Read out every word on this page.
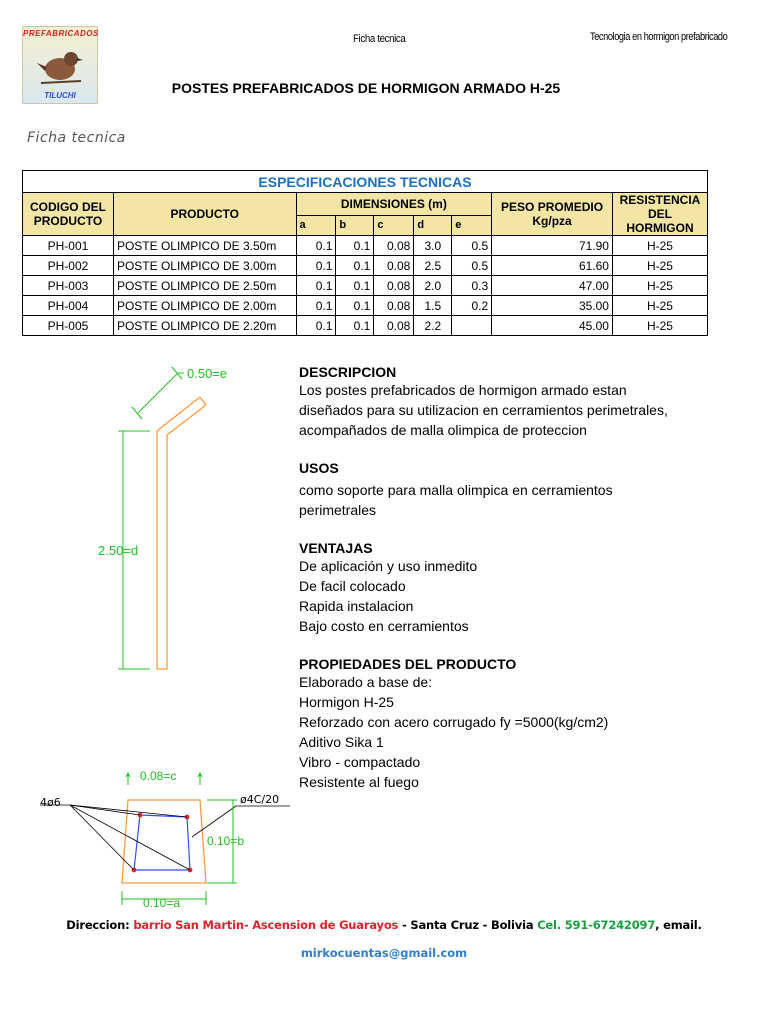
PREFABRICADOS
TILUCHI
Ficha tecnica	Tecnologia en hormigon prefabricado
POSTES PREFABRICADOS DE HORMIGON ARMADO H-25
Ficha tecnica
ESPECIFICACIONES TECNICAS								
CODIGO DEL PRODUCTO	PRODUCTO	DIMENSIONES (m)					PESO PROMEDIO Kg/pza	RESISTENCIA DEL HORMIGON
		a	b	c	d	e		
PH-001	POSTE OLIMPICO DE 3.50m	0.1	0.1	0.08	3.0	0.5	71.90	H-25
PH-002	POSTE OLIMPICO DE 3.00m	0.1	0.1	0.08	2.5	0.5	61.60	H-25
PH-003	POSTE OLIMPICO DE 2.50m	0.1	0.1	0.08	2.0	0.3	47.00	H-25
PH-004	POSTE OLIMPICO DE 2.00m	0.1	0.1	0.08	1.5	0.2	35.00	H-25
PH-005	POSTE OLIMPICO DE 2.20m	0.1	0.1	0.08	2.2		45.00	H-25
0.50=e
2.50=d
0.08=c
4ø6	ø4C/20
0.10=b
0.10=a

DESCRIPCION

Los postes prefabricados de hormigon armado estan

diseñados para su utilizacion en cerramientos perimetrales,

acompañados de malla olimpica de proteccion

USOS

como soporte para malla olimpica en cerramientos

perimetrales

VENTAJAS

De aplicación y uso inmedito

De facil colocado

Rapida instalacion

Bajo costo en cerramientos

PROPIEDADES DEL PRODUCTO

Elaborado a base de:

Hormigon H-25

Reforzado con acero corrugado fy =5000(kg/cm2)

Aditivo Sika 1

Vibro - compactado

Resistente al fuego

Direccion: barrio San Martin- Ascension de Guarayos - Santa Cruz - Bolivia Cel. 591-67242097, email.
mirkocuentas@gmail.com
